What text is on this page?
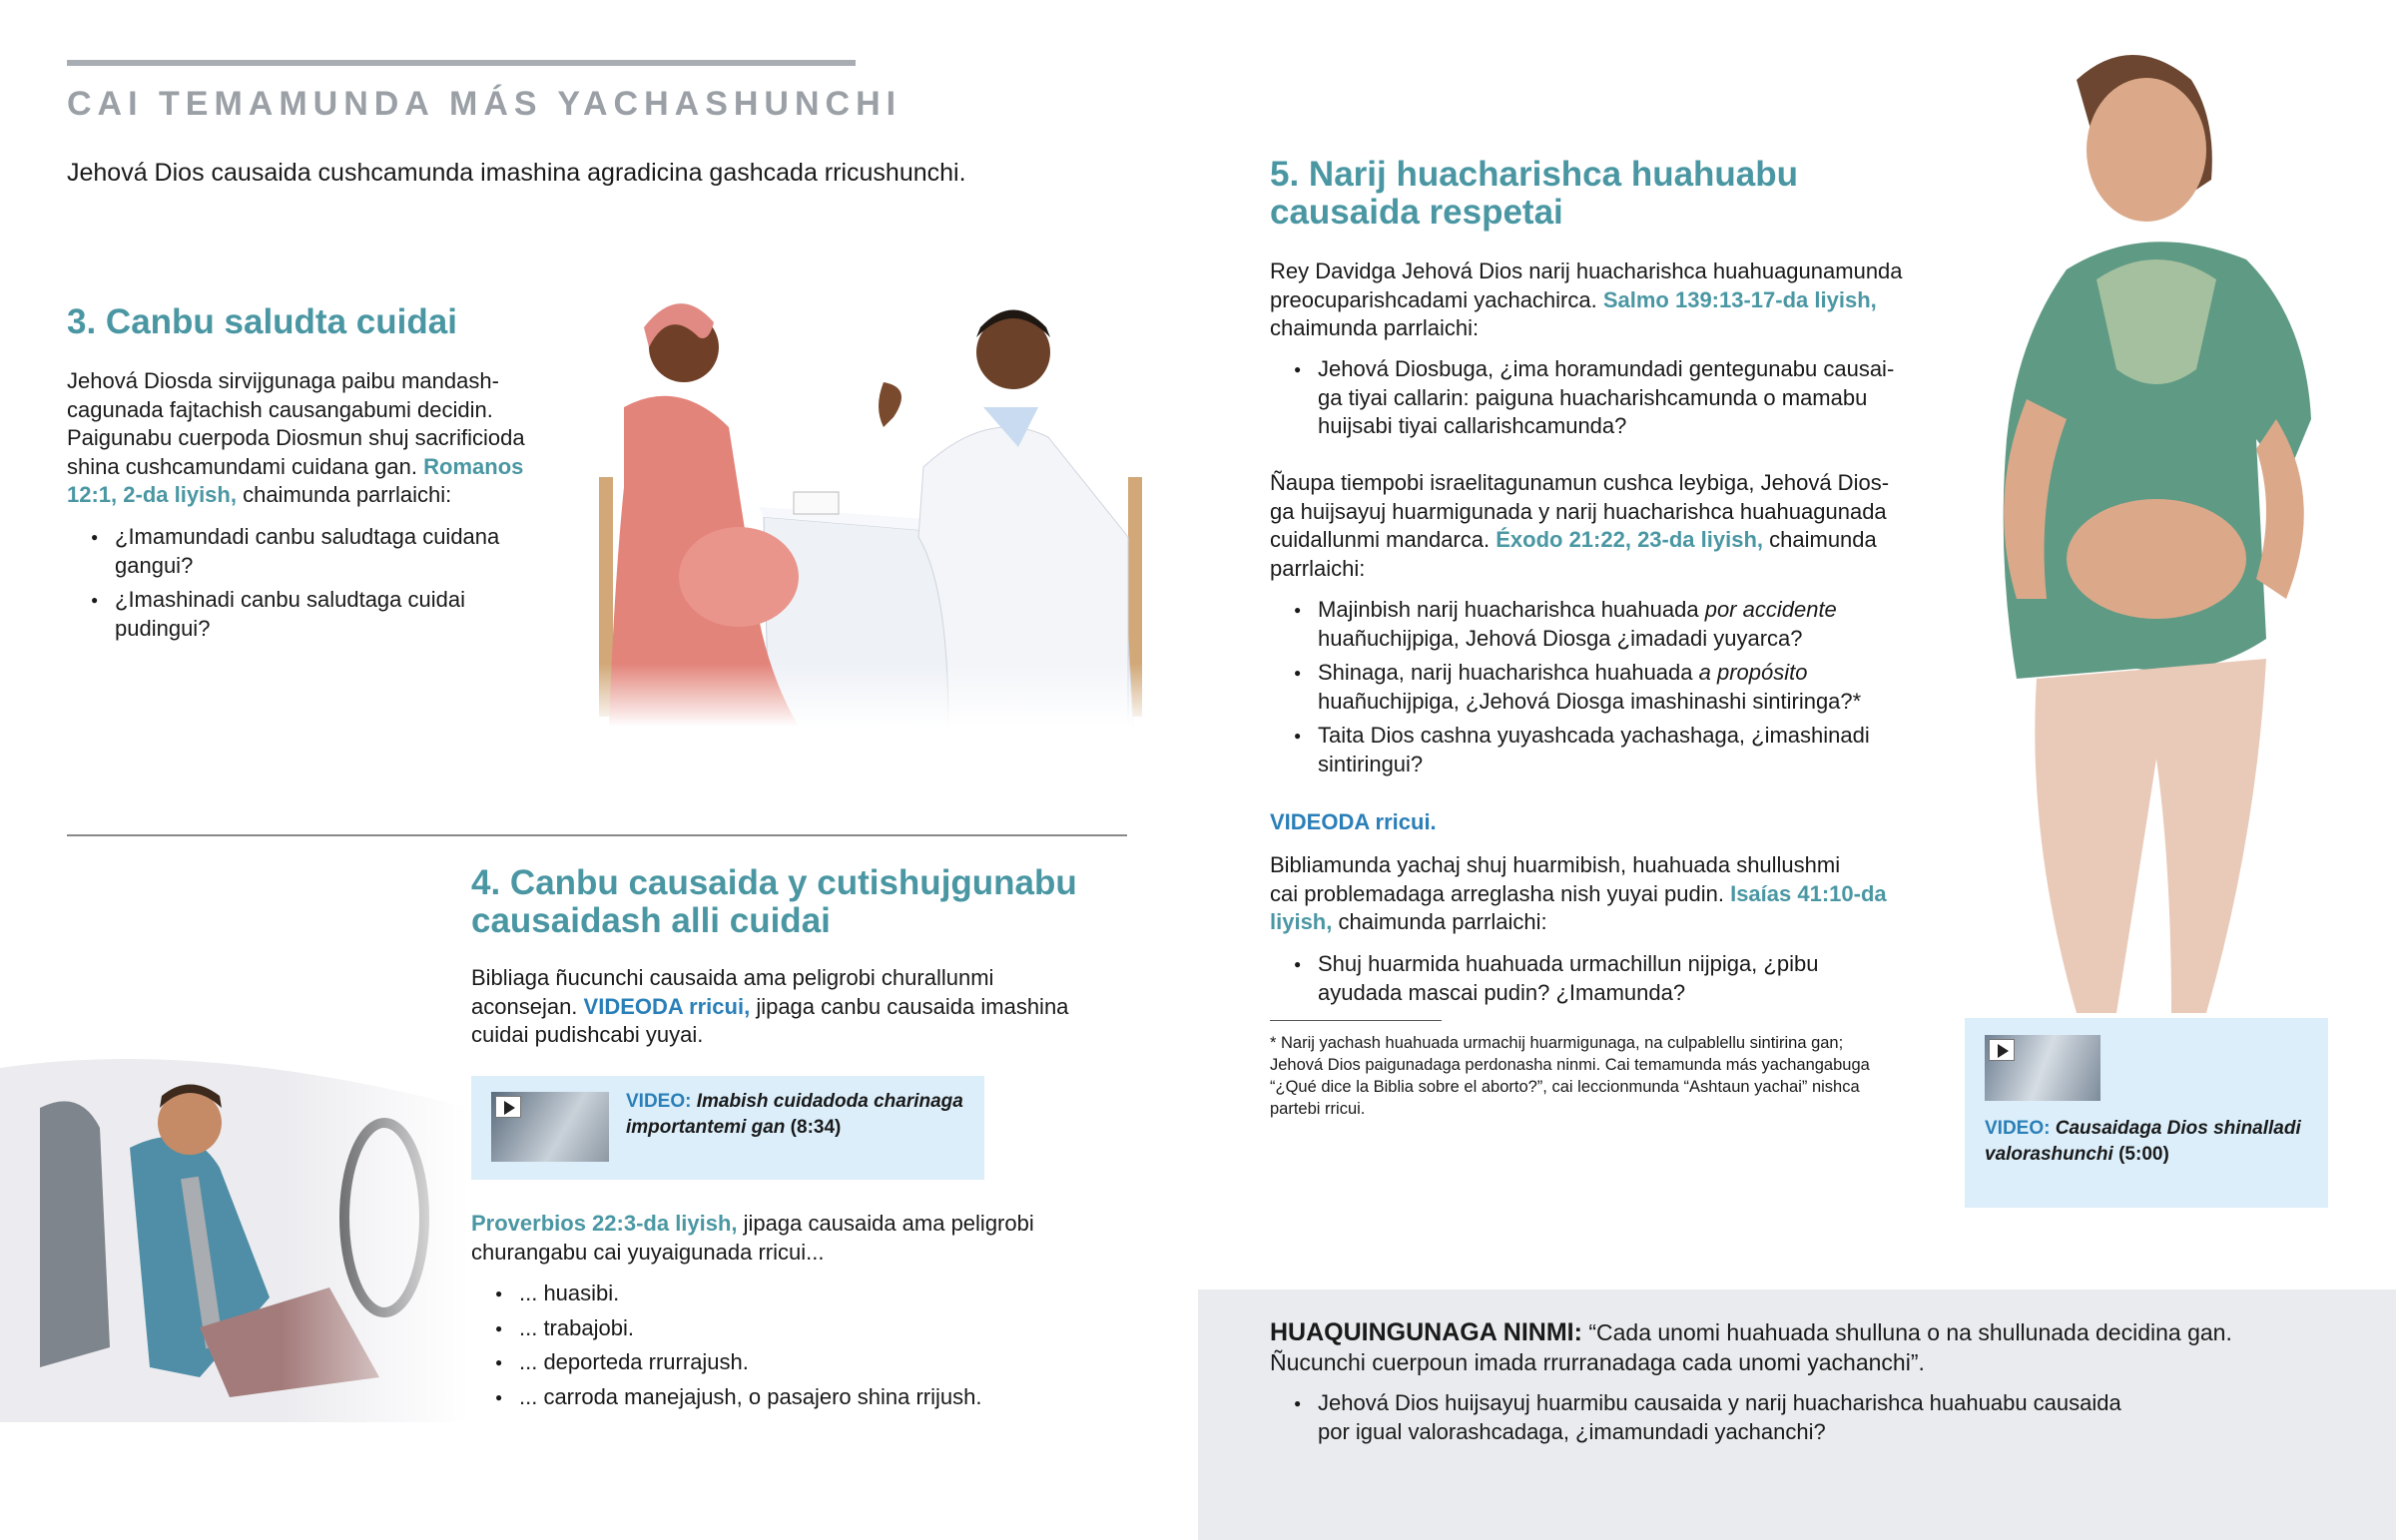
CAI TEMAMUNDA MÁS YACHASHUNCHI
Jehová Dios causaida cushcamunda imashina agradicina gashcada rricushunchi.
3. Canbu saludta cuidai
Jehová Diosda sirvijgunaga paibu mandash-
cagunada fajtachish causangabumi decidin.
Paigunabu cuerpoda Diosmun shuj sacrificioda
shina cushcamundami cuidana gan. Romanos
12:1, 2-da liyish, chaimunda parrlaichi:
● ¿Imamundadi canbu saludtaga cuidana
gangui?
● ¿Imashinadi canbu saludtaga cuidai
pudingui?
4. Canbu causaida y cutishujgunabu
causaidash alli cuidai
Bibliaga ñucunchi causaida ama peligrobi churallunmi
aconsejan. VIDEODA rricui, jipaga canbu causaida imashina
cuidai pudishcabi yuyai.
VIDEO: Imabish cuidadoda charinaga
importantemi gan (8:34)
Proverbios 22:3-da liyish, jipaga causaida ama peligrobi
churangabu cai yuyaigunada rricui...
● ... huasibi.
● ... trabajobi.
● ... deporteda rrurrajush.
● ... carroda manejajush, o pasajero shina rrijush.
5. Narij huacharishca huahuabu
causaida respetai
Rey Davidga Jehová Dios narij huacharishca huahuagunamunda
preocuparishcadami yachachirca. Salmo 139:13-17-da liyish,
chaimunda parrlaichi:
● Jehová Diosbuga, ¿ima horamundadi gentegunabu causai-
ga tiyai callarin: paiguna huacharishcamunda o mamabu
huijsabi tiyai callarishcamunda?
Ñaupa tiempobi israelitagunamun cushca leybiga, Jehová Dios-
ga huijsayuj huarmigunada y narij huacharishca huahuagunada
cuidallunmi mandarca. Éxodo 21:22, 23-da liyish, chaimunda
parrlaichi:
● Majinbish narij huacharishca huahuada por accidente
huañuchijpiga, Jehová Diosga ¿imadadi yuyarca?
● Shinaga, narij huacharishca huahuada a propósito
huañuchijpiga, ¿Jehová Diosga imashinashi sintiringa?*
● Taita Dios cashna yuyashcada yachashaga, ¿imashinadi
sintiringui?
VIDEODA rricui.
Bibliamunda yachaj shuj huarmibish, huahuada shullushmi
cai problemadaga arreglasha nish yuyai pudin. Isaías 41:10-da
liyish, chaimunda parrlaichi:
● Shuj huarmida huahuada urmachillun nijpiga, ¿pibu
ayudada mascai pudin? ¿Imamunda?
* Narij yachash huahuada urmachij huarmigunaga, na culpablellu sintirina gan;
Jehová Dios paigunadaga perdonasha ninmi. Cai temamunda más yachangabuga
“¿Qué dice la Biblia sobre el aborto?”, cai leccionmunda “Ashtaun yachai” nishca
partebi rricui.
VIDEO: Causaidaga Dios shinalladi
valorashunchi (5:00)
HUAQUINGUNAGA NINMI: “Cada unomi huahuada shulluna o na shullunada decidina gan.
Ñucunchi cuerpoun imada rrurranadaga cada unomi yachanchi”.
● Jehová Dios huijsayuj huarmibu causaida y narij huacharishca huahuabu causaida
por igual valorashcadaga, ¿imamundadi yachanchi?
